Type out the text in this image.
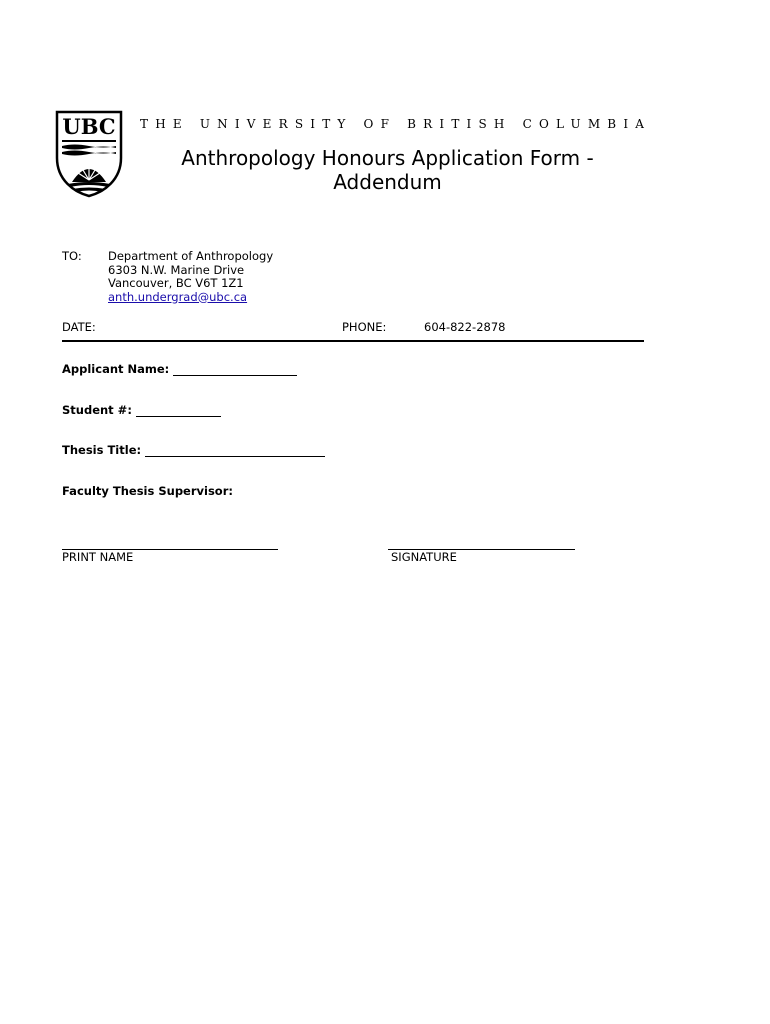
UBC THE UNIVERSITY OF BRITISH COLUMBIA
Anthropology Honours Application Form - Addendum
TO: Department of Anthropology
6303 N.W. Marine Drive
Vancouver, BC V6T 1Z1
anth.undergrad@ubc.ca
DATE:	PHONE:	604-822-2878
Applicant Name:
Student #:
Thesis Title:
Faculty Thesis Supervisor:
PRINT NAME	SIGNATURE
